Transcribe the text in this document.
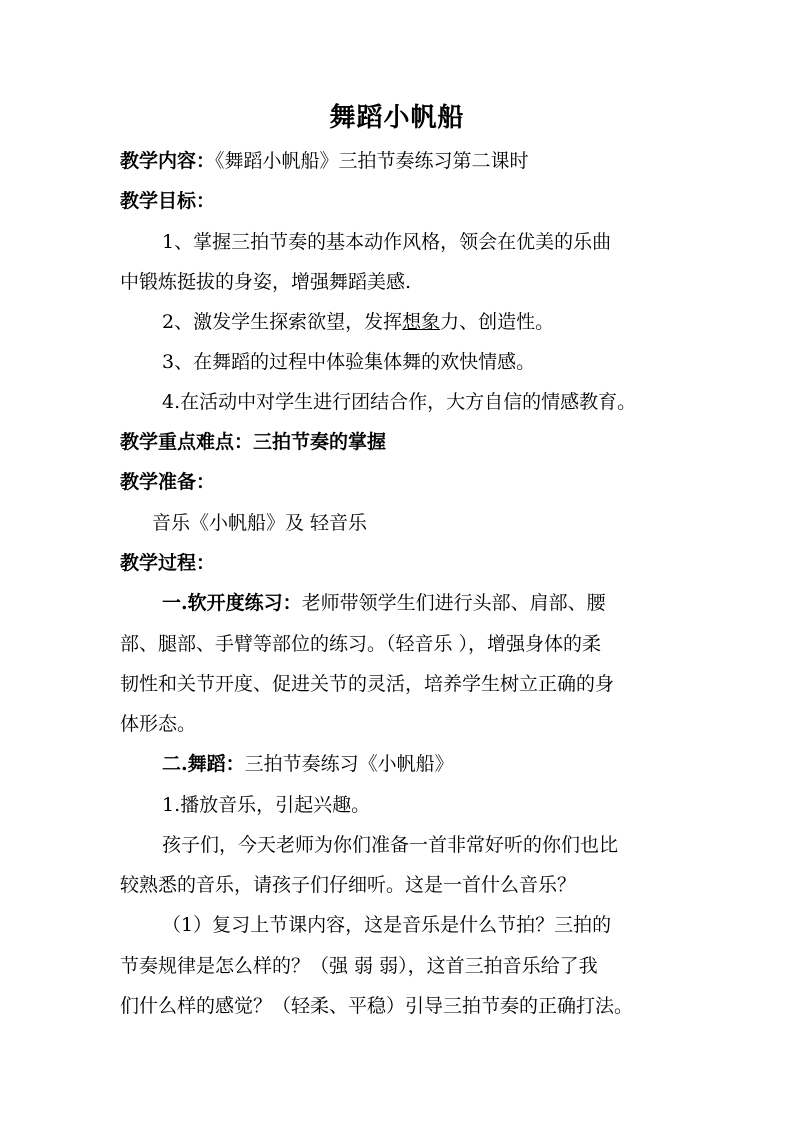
舞蹈小帆船
教学内容：《舞蹈小帆船》三拍节奏练习第二课时
教学目标：
1、掌握三拍节奏的基本动作风格，领会在优美的乐曲
中锻炼挺拔的身姿，增强舞蹈美感.
2、激发学生探索欲望，发挥想象力、创造性。
3、在舞蹈的过程中体验集体舞的欢快情感。
4.在活动中对学生进行团结合作，大方自信的情感教育。
教学重点难点：三拍节奏的掌握
教学准备：
音乐《小帆船》及 轻音乐
教学过程：
一.软开度练习：老师带领学生们进行头部、肩部、腰
部、腿部、手臂等部位的练习。（轻音乐 ），增强身体的柔
韧性和关节开度、促进关节的灵活，培养学生树立正确的身
体形态。
二.舞蹈：三拍节奏练习《小帆船》
1.播放音乐，引起兴趣。
孩子们，今天老师为你们准备一首非常好听的你们也比
较熟悉的音乐，请孩子们仔细听。这是一首什么音乐？
（1）复习上节课内容，这是音乐是什么节拍？三拍的
节奏规律是怎么样的？（强 弱 弱），这首三拍音乐给了我
们什么样的感觉？（轻柔、平稳）引导三拍节奏的正确打法。
